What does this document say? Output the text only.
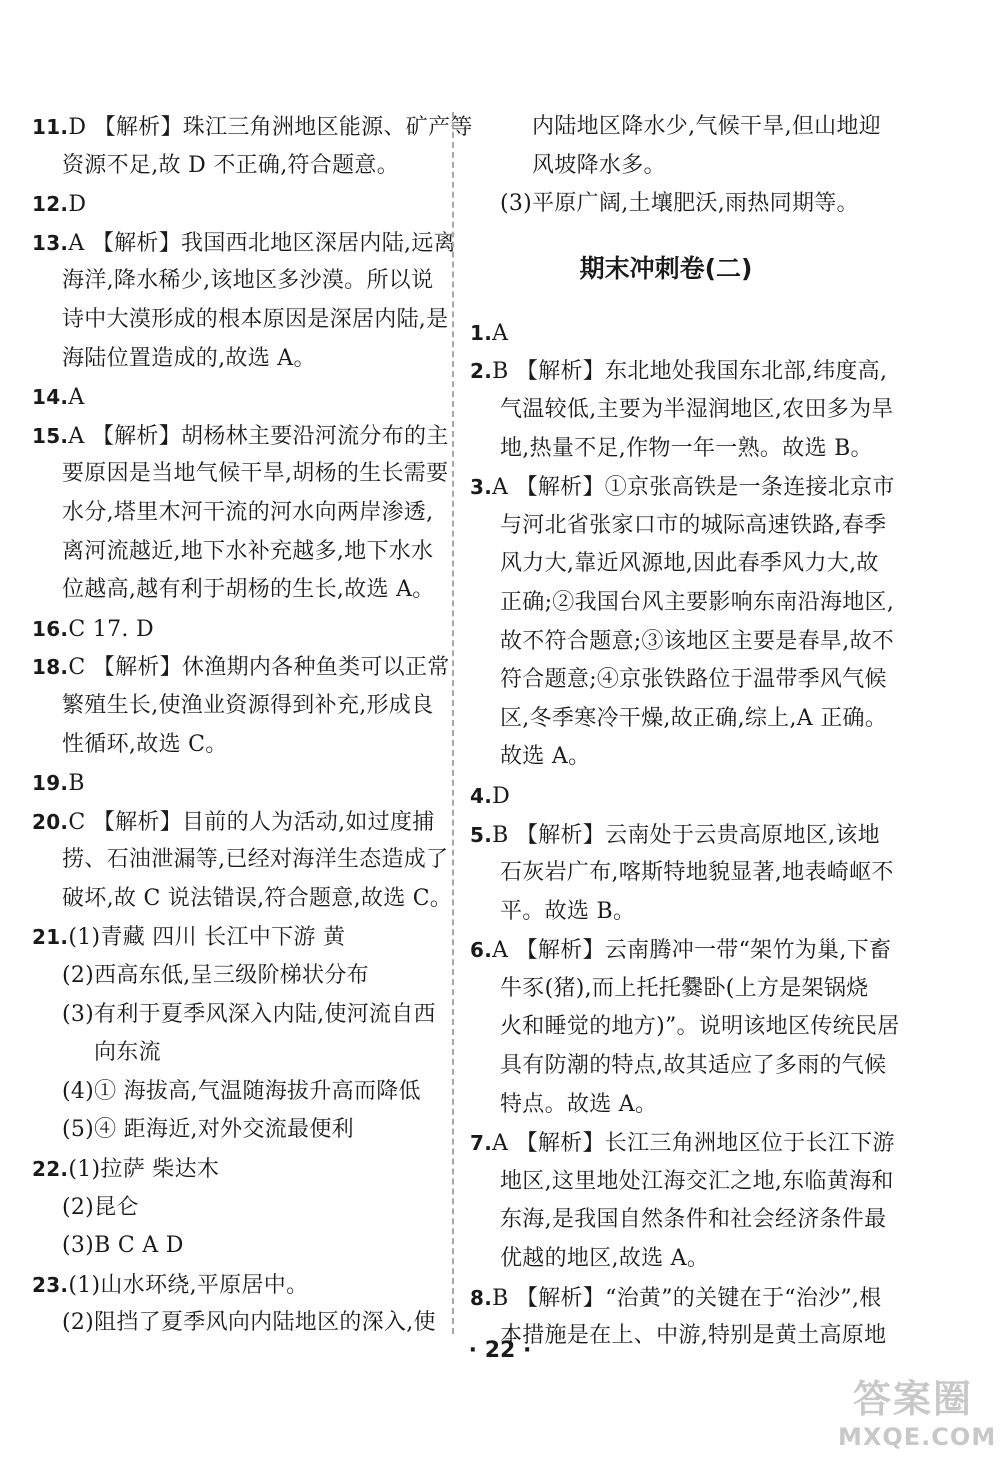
11.D 【解析】珠江三角洲地区能源、矿产等
资源不足,故 D 不正确,符合题意。
12.D
13.A 【解析】我国西北地区深居内陆,远离
海洋,降水稀少,该地区多沙漠。所以说
诗中大漠形成的根本原因是深居内陆,是
海陆位置造成的,故选 A。
14.A
15.A 【解析】胡杨林主要沿河流分布的主
要原因是当地气候干旱,胡杨的生长需要
水分,塔里木河干流的河水向两岸渗透,
离河流越近,地下水补充越多,地下水水
位越高,越有利于胡杨的生长,故选 A。
16.C 17. D
18.C 【解析】休渔期内各种鱼类可以正常
繁殖生长,使渔业资源得到补充,形成良
性循环,故选 C。
19.B
20.C 【解析】目前的人为活动,如过度捕
捞、石油泄漏等,已经对海洋生态造成了
破坏,故 C 说法错误,符合题意,故选 C。
21.(1)青藏 四川 长江中下游 黄
(2)西高东低,呈三级阶梯状分布
(3)有利于夏季风深入内陆,使河流自西
向东流
(4)① 海拔高,气温随海拔升高而降低
(5)④ 距海近,对外交流最便利
22.(1)拉萨 柴达木
(2)昆仑
(3)B C A D
23.(1)山水环绕,平原居中。
(2)阻挡了夏季风向内陆地区的深入,使
内陆地区降水少,气候干旱,但山地迎
风坡降水多。
(3)平原广阔,土壤肥沃,雨热同期等。
期末冲刺卷(二)
1.A
2.B 【解析】东北地处我国东北部,纬度高,
气温较低,主要为半湿润地区,农田多为旱
地,热量不足,作物一年一熟。故选 B。
3.A 【解析】①京张高铁是一条连接北京市
与河北省张家口市的城际高速铁路,春季
风力大,靠近风源地,因此春季风力大,故
正确;②我国台风主要影响东南沿海地区,
故不符合题意;③该地区主要是春旱,故不
符合题意;④京张铁路位于温带季风气候
区,冬季寒冷干燥,故正确,综上,A 正确。
故选 A。
4.D
5.B 【解析】云南处于云贵高原地区,该地
石灰岩广布,喀斯特地貌显著,地表崎岖不
平。故选 B。
6.A 【解析】云南腾冲一带“架竹为巢,下畜
牛豕(猪),而上托托爨卧(上方是架锅烧
火和睡觉的地方)”。说明该地区传统民居
具有防潮的特点,故其适应了多雨的气候
特点。故选 A。
7.A 【解析】长江三角洲地区位于长江下游
地区,这里地处江海交汇之地,东临黄海和
东海,是我国自然条件和社会经济条件最
优越的地区,故选 A。
8.B 【解析】“治黄”的关键在于“治沙”,根
本措施是在上、中游,特别是黄土高原地
· 22 ·
答案圈
MXQE.COM
